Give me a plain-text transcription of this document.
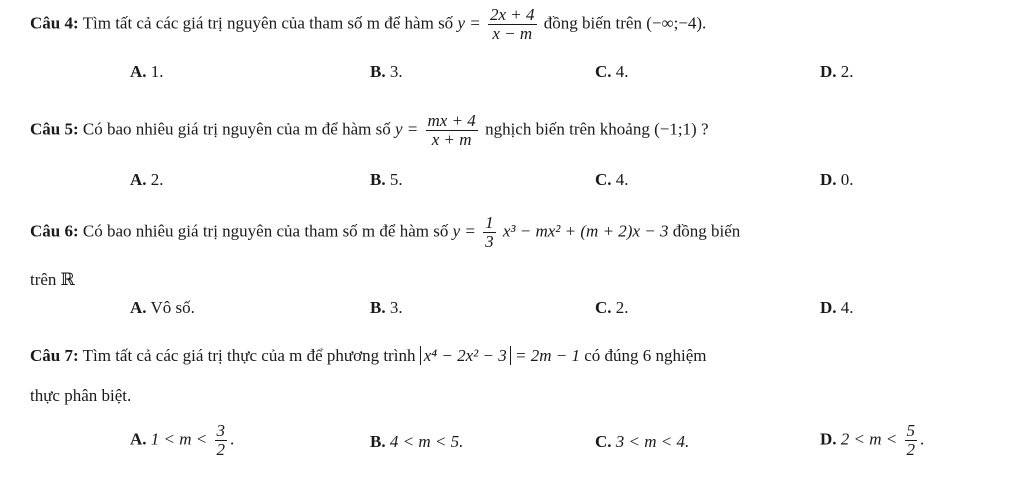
Câu 4: Tìm tất cả các giá trị nguyên của tham số m để hàm số $y = \frac{2x + 4}{x - m}$ đồng biến trên (−∞;−4).
A. 1.	B. 3.	C. 4.	D. 2.
Câu 5: Có bao nhiêu giá trị nguyên của m để hàm số $y = \frac{mx + 4}{x + m}$ nghịch biến trên khoảng (−1;1) ?
A. 2.	B. 5.	C. 4.	D. 0.
Câu 6: Có bao nhiêu giá trị nguyên của tham số m để hàm số $y = \frac{1}{3} x^3 - mx^2 + (m + 2)x - 3$ đồng biến
trên ℝ
A. Vô số.	B. 3.	C. 2.	D. 4.
Câu 7: Tìm tất cả các giá trị thực của m để phương trình x⁴ − 2x² − 3 = 2m − 1 có đúng 6 nghiệm
thực phân biệt.
A. $1 < m < \frac{3}{2}$ .	B. 4 < m < 5.	C. 3 < m < 4.	D. $2 < m < \frac{5}{2}$ .
